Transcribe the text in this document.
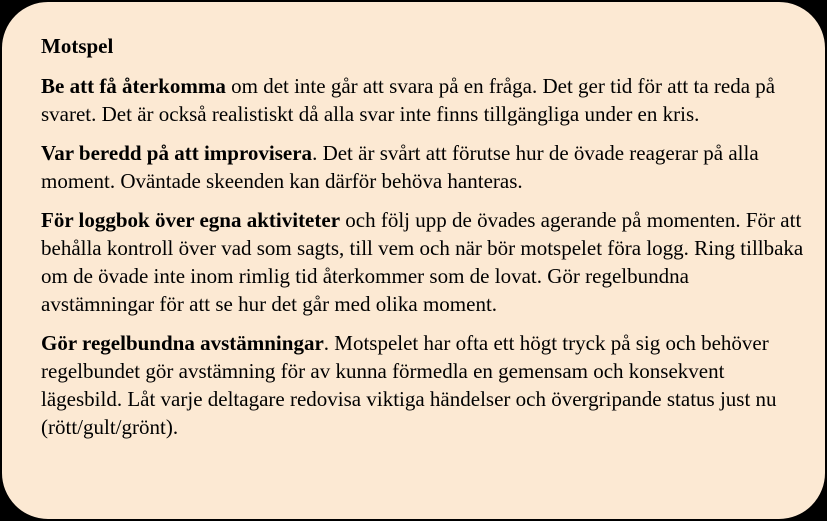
Motspel

Be att få återkomma om det inte går att svara på en fråga. Det ger tid för att ta reda på svaret. Det är också realistiskt då alla svar inte finns tillgängliga under en kris.

Var beredd på att improvisera. Det är svårt att förutse hur de övade reagerar på alla moment. Oväntade skeenden kan därför behöva hanteras.

För loggbok över egna aktiviteter och följ upp de övades agerande på momenten. För att behålla kontroll över vad som sagts, till vem och när bör motspelet föra logg. Ring tillbaka om de övade inte inom rimlig tid återkommer som de lovat. Gör regelbundna avstämningar för att se hur det går med olika moment.

Gör regelbundna avstämningar. Motspelet har ofta ett högt tryck på sig och behöver regelbundet gör avstämning för av kunna förmedla en gemensam och konsekvent lägesbild. Låt varje deltagare redovisa viktiga händelser och övergripande status just nu (rött/gult/grönt).
